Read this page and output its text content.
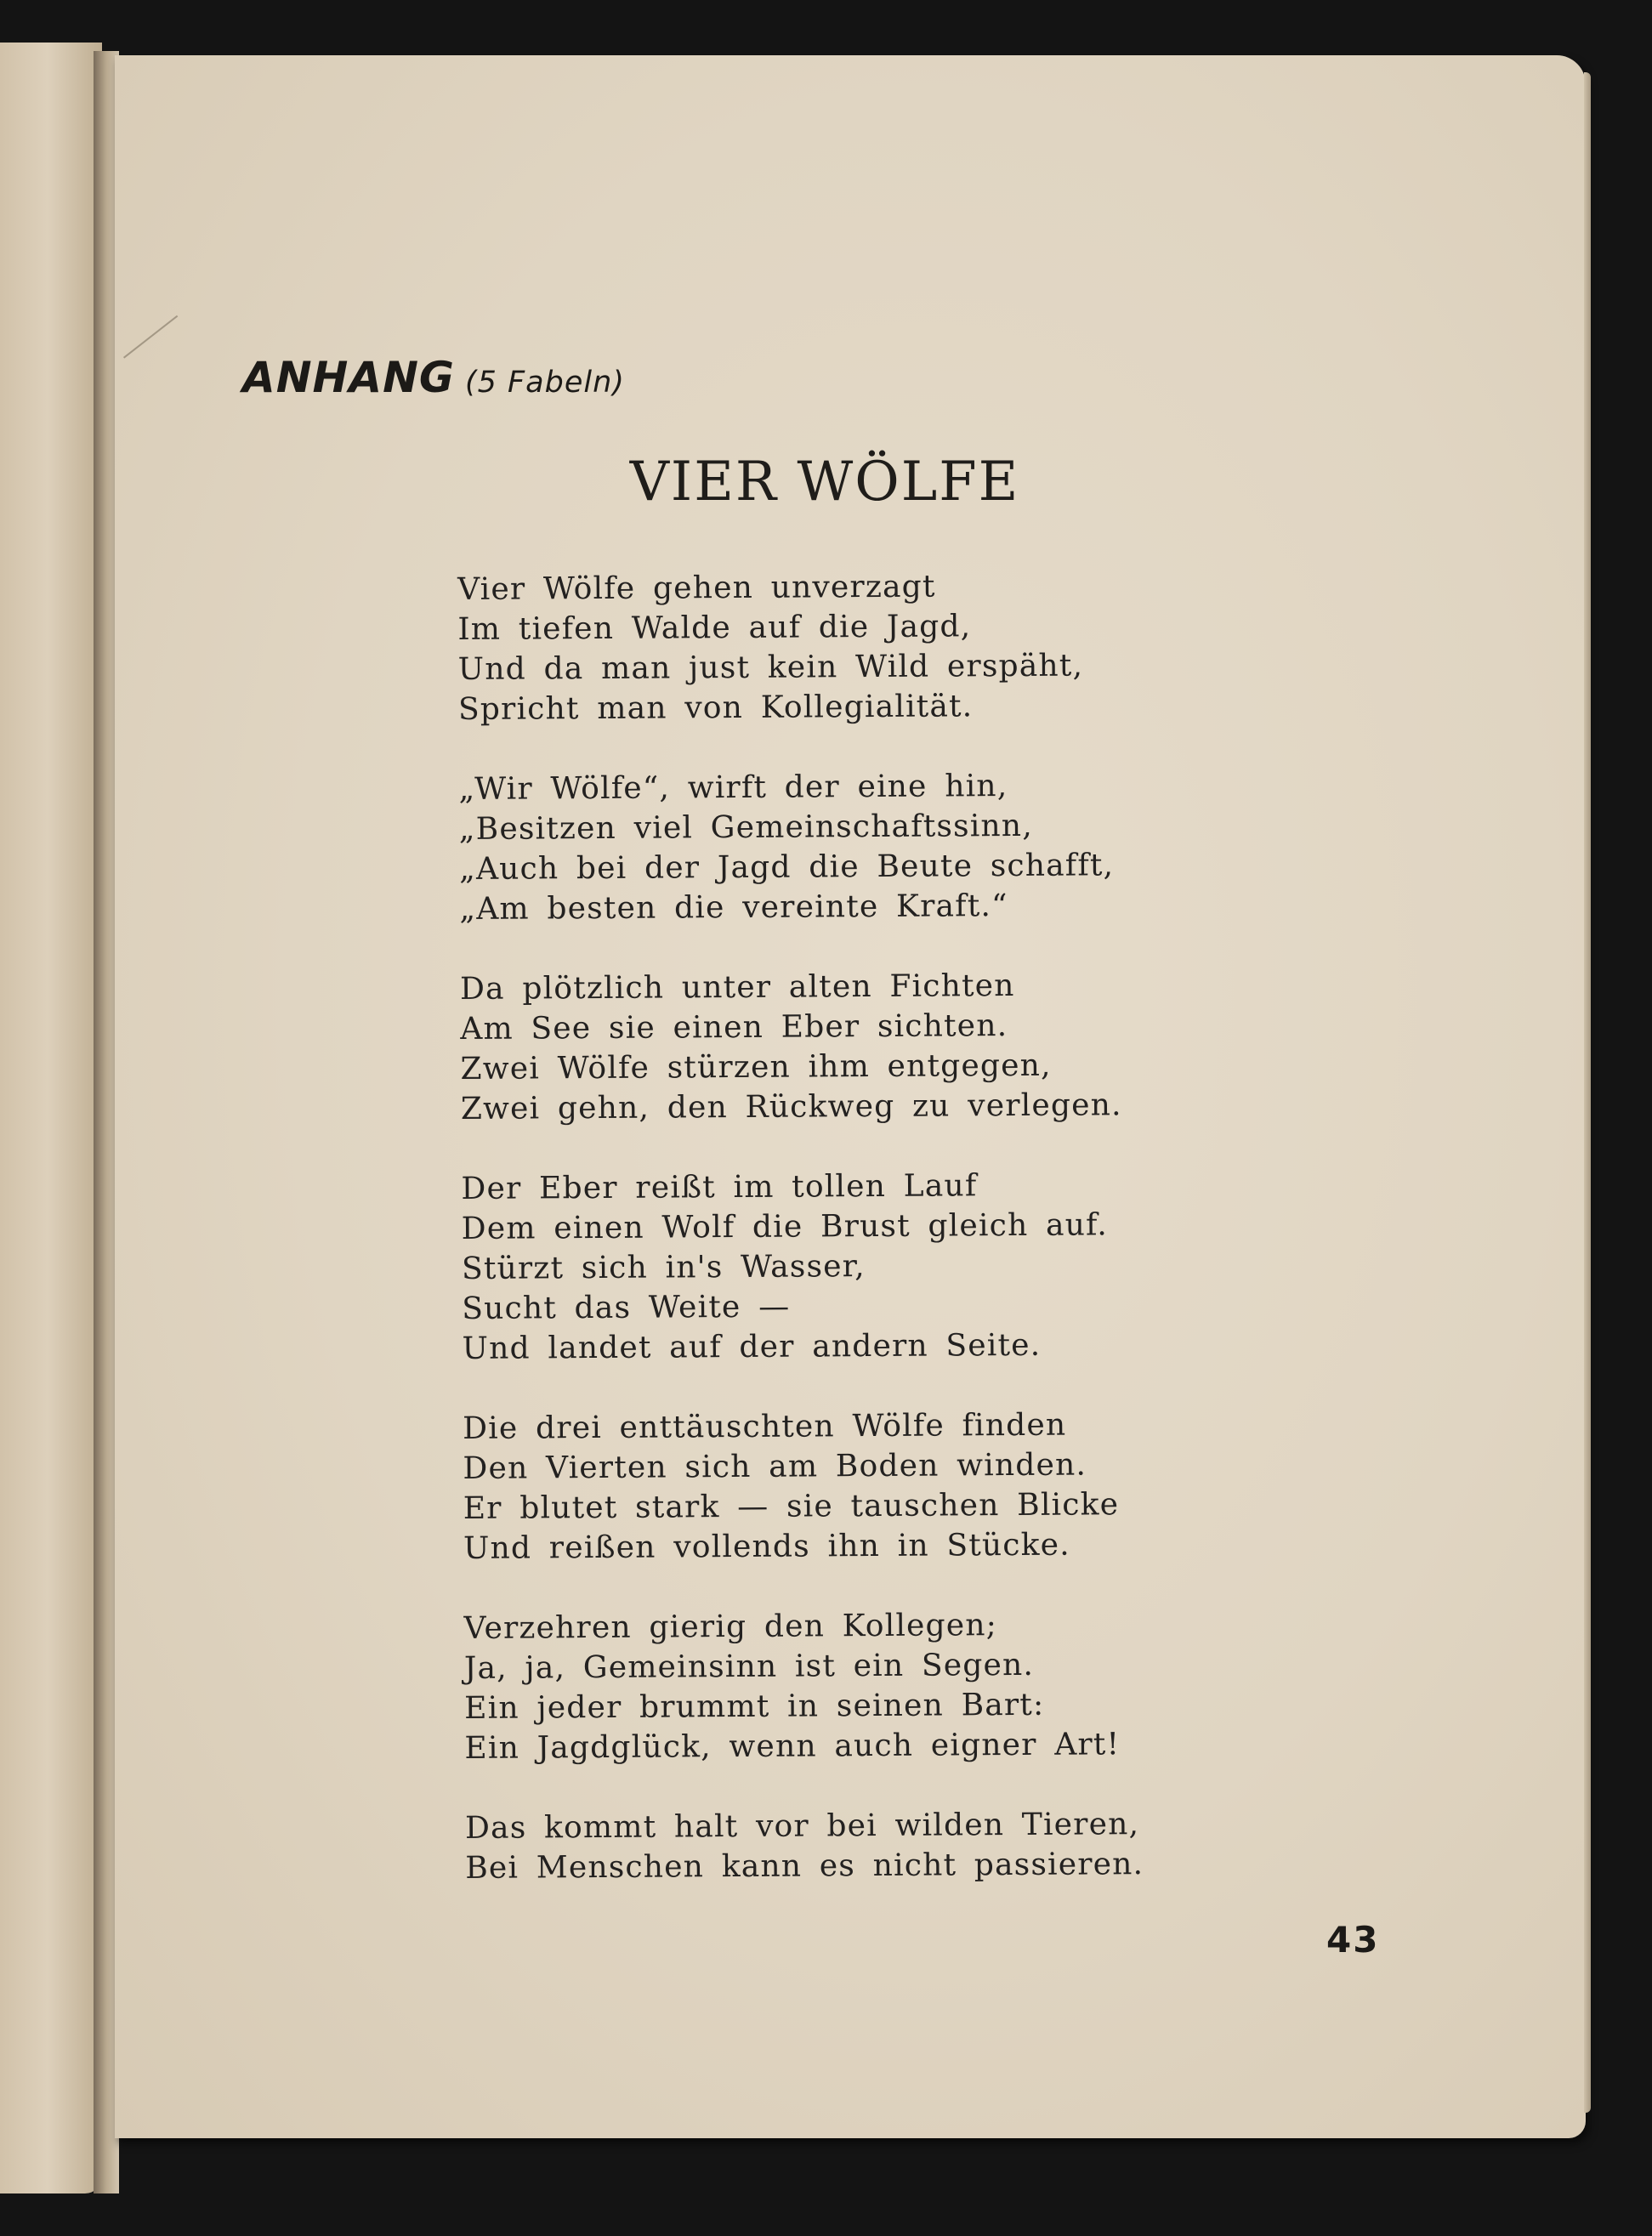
ANHANG (5 Fabeln)
VIER WÖLFE
Vier Wölfe gehen unverzagt
Im tiefen Walde auf die Jagd,
Und da man just kein Wild erspäht,
Spricht man von Kollegialität.
„Wir Wölfe“, wirft der eine hin,
„Besitzen viel Gemeinschaftssinn,
„Auch bei der Jagd die Beute schafft,
„Am besten die vereinte Kraft.“
Da plötzlich unter alten Fichten
Am See sie einen Eber sichten.
Zwei Wölfe stürzen ihm entgegen,
Zwei gehn, den Rückweg zu verlegen.
Der Eber reißt im tollen Lauf
Dem einen Wolf die Brust gleich auf.
Stürzt sich in's Wasser,
Sucht das Weite —
Und landet auf der andern Seite.
Die drei enttäuschten Wölfe finden
Den Vierten sich am Boden winden.
Er blutet stark — sie tauschen Blicke
Und reißen vollends ihn in Stücke.
Verzehren gierig den Kollegen;
Ja, ja, Gemeinsinn ist ein Segen.
Ein jeder brummt in seinen Bart:
Ein Jagdglück, wenn auch eigner Art!
Das kommt halt vor bei wilden Tieren,
Bei Menschen kann es nicht passieren.
43
